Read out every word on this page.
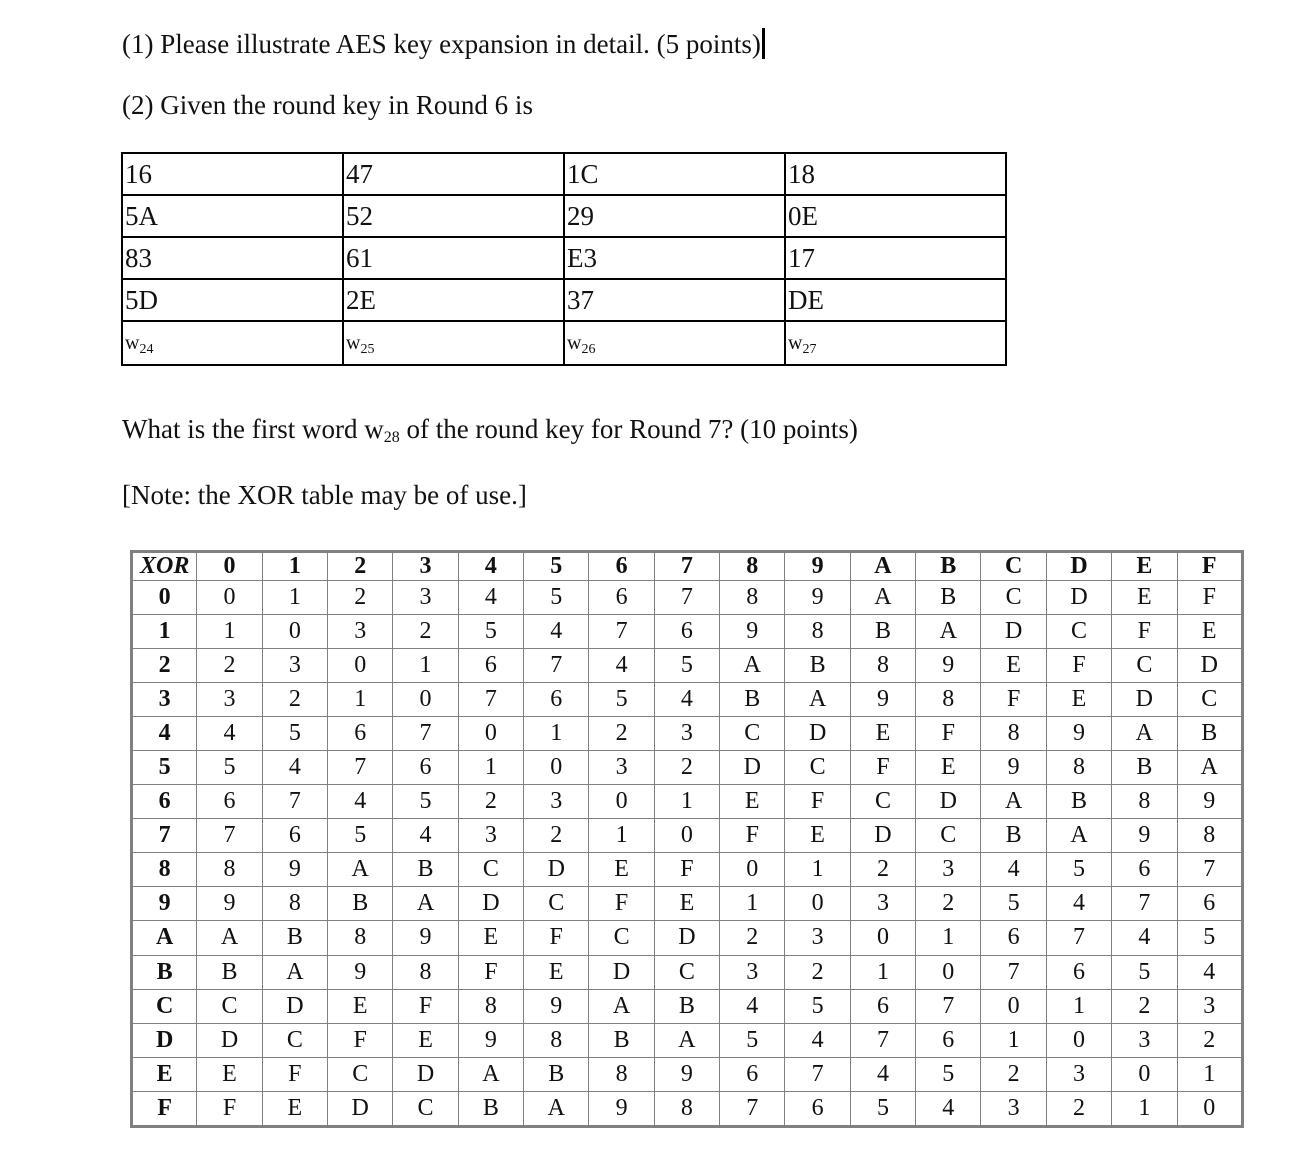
(1) Please illustrate AES key expansion in detail. (5 points)
(2) Given the round key in Round 6 is
16	47	1C	18
5A	52	29	0E
83	61	E3	17
5D	2E	37	DE
$w_{24}$	$w_{25}$	$w_{26}$	$w_{27}$
What is the first word $w_{28}$ of the round key for Round 7? (10 points)
[Note: the XOR table may be of use.]
XOR	0	1	2	3	4	5	6	7	8	9	A	B	C	D	E	F
0	0	1	2	3	4	5	6	7	8	9	A	B	C	D	E	F
1	1	0	3	2	5	4	7	6	9	8	B	A	D	C	F	E
2	2	3	0	1	6	7	4	5	A	B	8	9	E	F	C	D
3	3	2	1	0	7	6	5	4	B	A	9	8	F	E	D	C
4	4	5	6	7	0	1	2	3	C	D	E	F	8	9	A	B
5	5	4	7	6	1	0	3	2	D	C	F	E	9	8	B	A
6	6	7	4	5	2	3	0	1	E	F	C	D	A	B	8	9
7	7	6	5	4	3	2	1	0	F	E	D	C	B	A	9	8
8	8	9	A	B	C	D	E	F	0	1	2	3	4	5	6	7
9	9	8	B	A	D	C	F	E	1	0	3	2	5	4	7	6
A	A	B	8	9	E	F	C	D	2	3	0	1	6	7	4	5
B	B	A	9	8	F	E	D	C	3	2	1	0	7	6	5	4
C	C	D	E	F	8	9	A	B	4	5	6	7	0	1	2	3
D	D	C	F	E	9	8	B	A	5	4	7	6	1	0	3	2
E	E	F	C	D	A	B	8	9	6	7	4	5	2	3	0	1
F	F	E	D	C	B	A	9	8	7	6	5	4	3	2	1	0
